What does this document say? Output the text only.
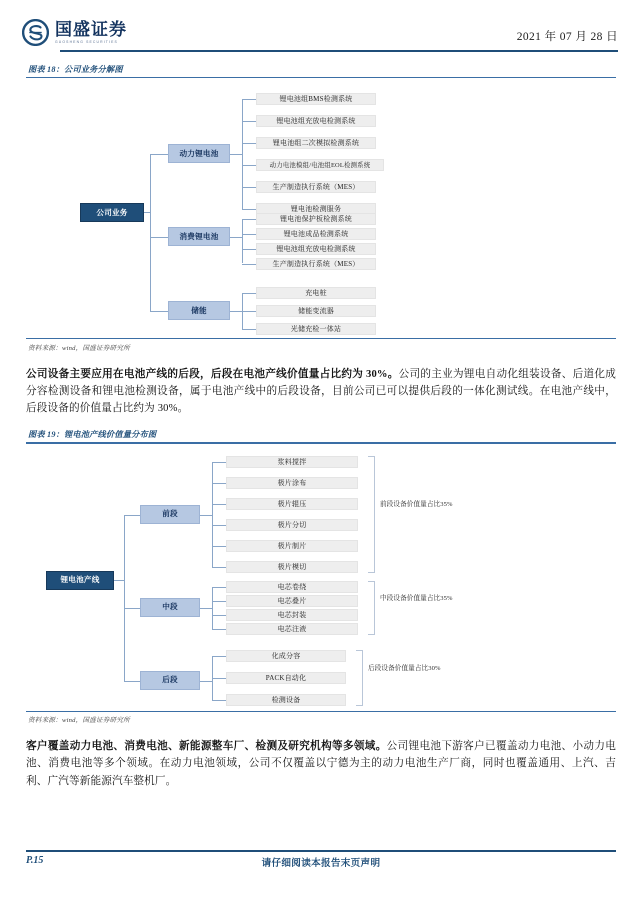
国盛证券
GUOSHENG SECURITIES	2021 年 07 月 28 日
图表 18：公司业务分解图
公司业务
动力锂电池
锂电池组BMS检测系统
锂电池组充放电检测系统
锂电池组二次模拟检测系统
动力电池模组/电池组EOL检测系统
生产制造执行系统（MES）
锂电池检测服务
消费锂电池
锂电池保护板检测系统
锂电池成品检测系统
锂电池组充放电检测系统
生产制造执行系统（MES）
储能
充电桩
储能变流器
光储充检一体站
资料来源：wind，国盛证券研究所

公司设备主要应用在电池产线的后段，后段在电池产线价值量占比约为 30%。公司的主业为锂电自动化组装设备、后道化成分容检测设备和锂电池检测设备，属于电池产线中的后段设备，目前公司已可以提供后段的一体化测试线。在电池产线中，后段设备的价值量占比约为 30%。

图表 19：锂电池产线价值量分布图
锂电池产线
前段
浆料搅拌
极片涂布
极片辊压
极片分切
极片制片
极片模切
前段设备价值量占比35%
中段
电芯卷绕
电芯叠片
电芯封装
电芯注液
中段设备价值量占比35%
后段
化成分容
PACK自动化
检测设备
后段设备价值量占比30%
资料来源：wind，国盛证券研究所

客户覆盖动力电池、消费电池、新能源整车厂、检测及研究机构等多领域。公司锂电池下游客户已覆盖动力电池、小动力电池、消费电池等多个领域。在动力电池领域，公司不仅覆盖以宁德为主的动力电池生产厂商，同时也覆盖通用、上汽、吉利、广汽等新能源汽车整机厂。

P.15	请仔细阅读本报告末页声明
